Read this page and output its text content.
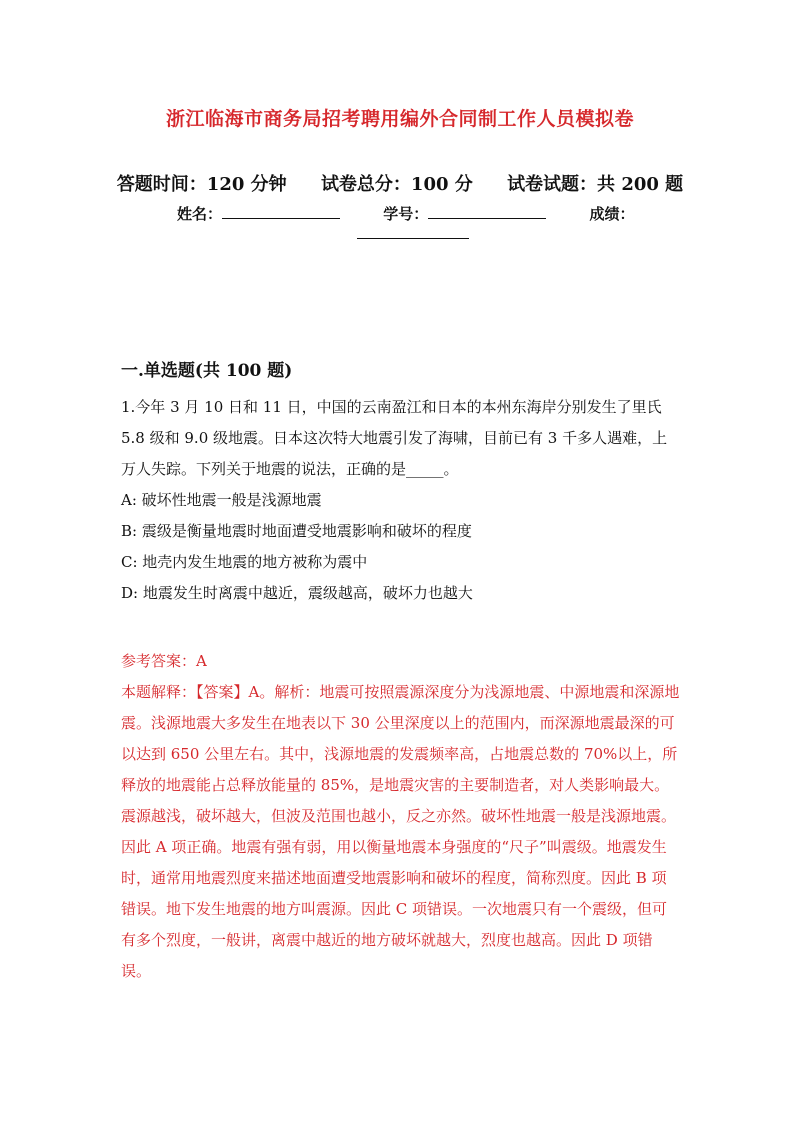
浙江临海市商务局招考聘用编外合同制工作人员模拟卷
答题时间：120 分钟 试卷总分：100 分 试卷试题：共 200 题
姓名：	学号：	成绩：
一.单选题(共 100 题)

1.今年 3 月 10 日和 11 日，中国的云南盈江和日本的本州东海岸分别发生了里氏 5.8 级和 9.0 级地震。日本这次特大地震引发了海啸，目前已有 3 千多人遇难，上万人失踪。下列关于地震的说法，正确的是_____。

A: 破坏性地震一般是浅源地震

B: 震级是衡量地震时地面遭受地震影响和破坏的程度

C: 地壳内发生地震的地方被称为震中

D: 地震发生时离震中越近，震级越高，破坏力也越大

参考答案：A

本题解释：【答案】A。解析：地震可按照震源深度分为浅源地震、中源地震和深源地震。浅源地震大多发生在地表以下 30 公里深度以上的范围内，而深源地震最深的可以达到 650 公里左右。其中，浅源地震的发震频率高，占地震总数的 70%以上，所释放的地震能占总释放能量的 85%，是地震灾害的主要制造者，对人类影响最大。震源越浅，破坏越大，但波及范围也越小，反之亦然。破坏性地震一般是浅源地震。因此 A 项正确。地震有强有弱，用以衡量地震本身强度的“尺子”叫震级。地震发生时，通常用地震烈度来描述地面遭受地震影响和破坏的程度，简称烈度。因此 B 项错误。地下发生地震的地方叫震源。因此 C 项错误。一次地震只有一个震级，但可有多个烈度，一般讲，离震中越近的地方破坏就越大，烈度也越高。因此 D 项错误。
